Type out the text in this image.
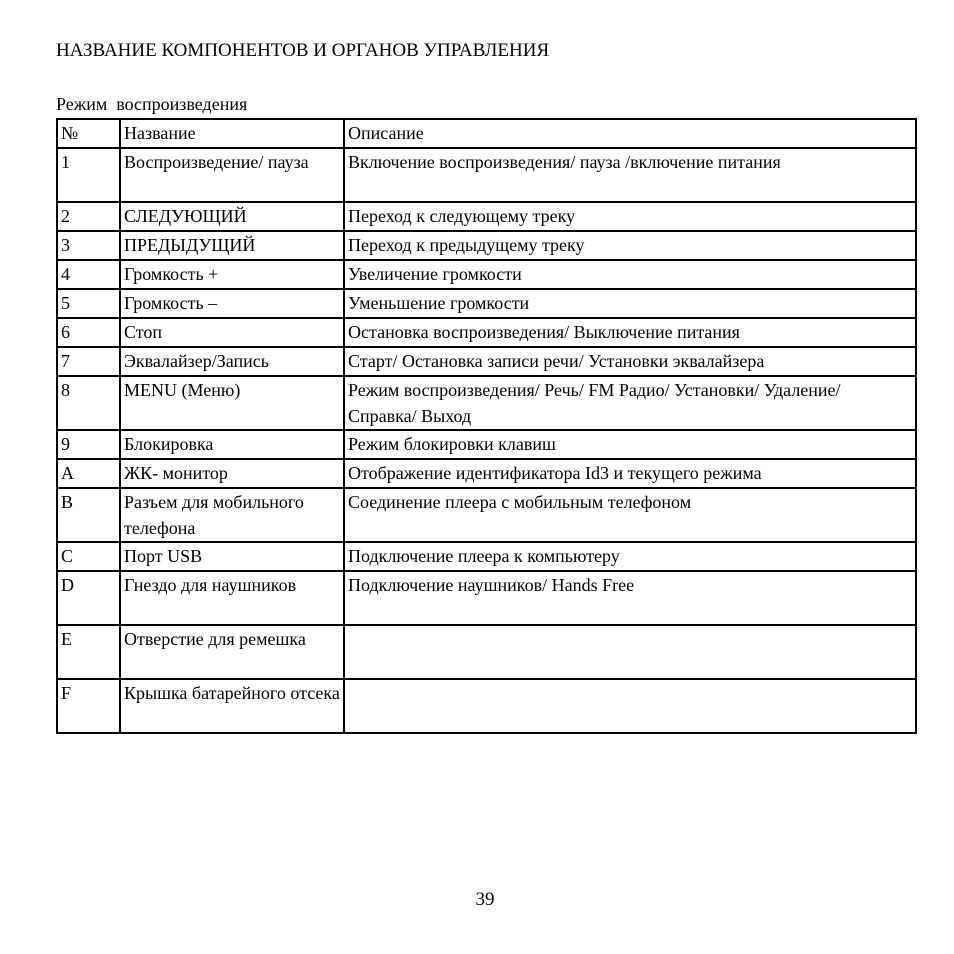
НАЗВАНИЕ КОМПОНЕНТОВ И ОРГАНОВ УПРАВЛЕНИЯ
Режим  воспроизведения
№	Название	Описание
1	Воспроизведение/ пауза	Включение воспроизведения/ пауза /включение питания
2	СЛЕДУЮЩИЙ	Переход к следующему треку
3	ПРЕДЫДУЩИЙ	Переход к предыдущему треку
4	Громкость +	Увеличение громкости
5	Громкость –	Уменьшение громкости
6	Стоп	Остановка воспроизведения/ Выключение питания
7	Эквалайзер/Запись	Старт/ Остановка записи речи/ Установки эквалайзера
8	MENU (Меню)	Режим воспроизведения/ Речь/ FM Радио/ Установки/ Удаление/ Справка/ Выход
9	Блокировка	Режим блокировки клавиш
A	ЖК- монитор	Отображение идентификатора Id3 и текущего режима
B	Разъем для мобильного телефона	Соединение плеера с мобильным телефоном
C	Порт USB	Подключение плеера к компьютеру
D	Гнездо для наушников	Подключение наушников/ Hands Free
E	Отверстие для ремешка	
F	Крышка батарейного отсека	
39
